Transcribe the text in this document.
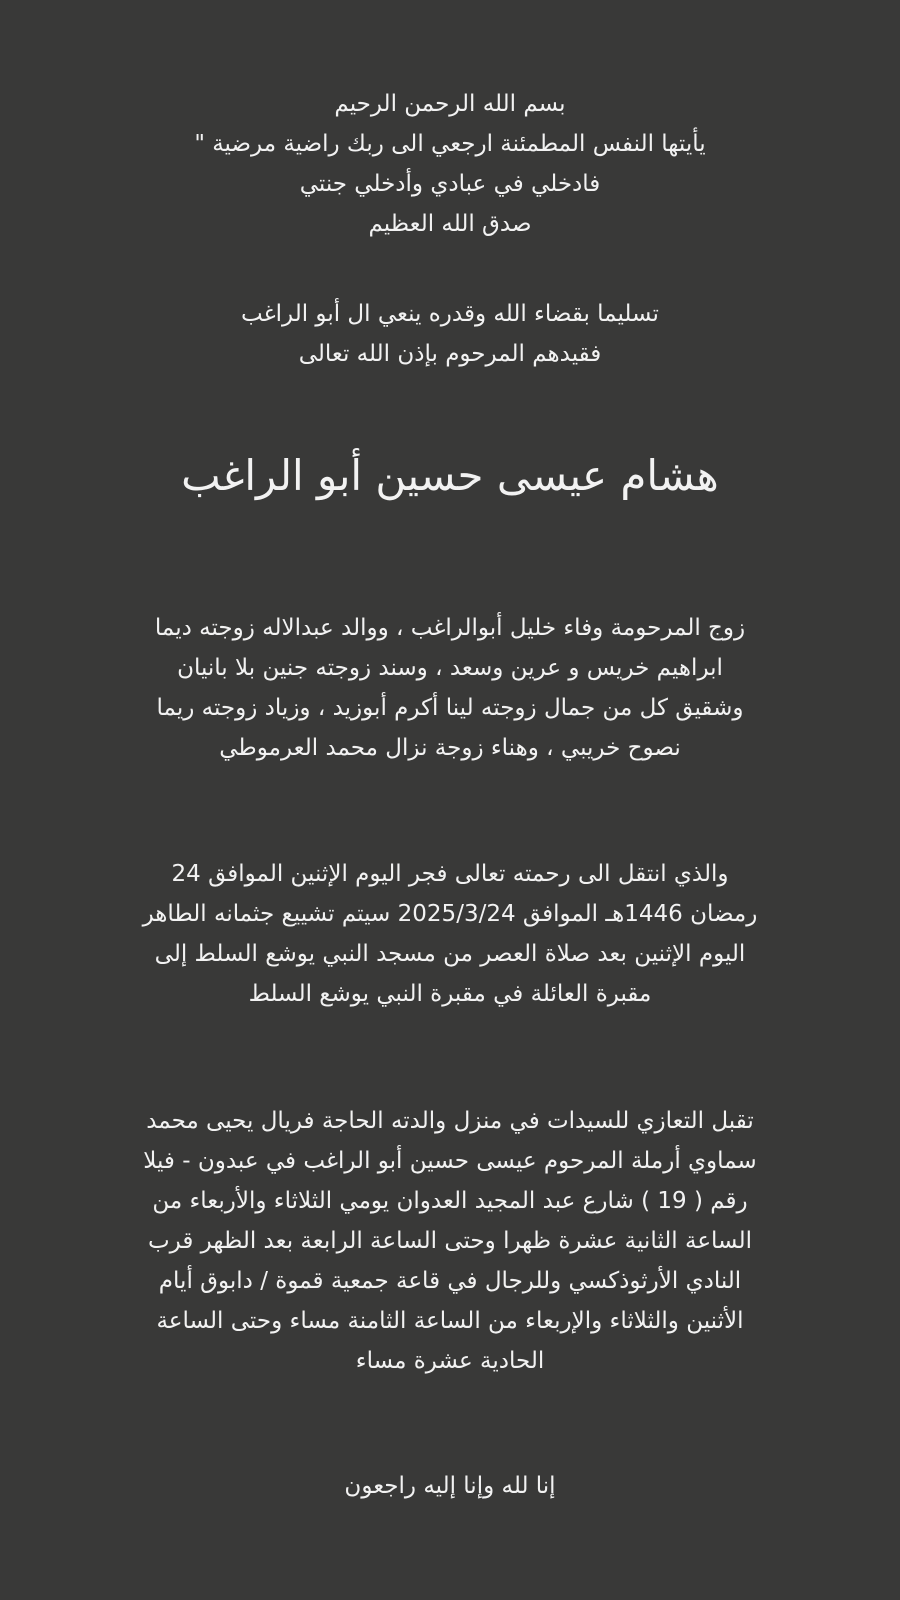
بسم الله الرحمن الرحيم
يأيتها النفس المطمئنة ارجعي الى ربك راضية مرضية "
فادخلي في عبادي وأدخلي جنتي
صدق الله العظيم
تسليما بقضاء الله وقدره ينعي ال أبو الراغب
فقيدهم المرحوم بإذن الله تعالى
هشام عيسى حسين أبو الراغب
زوج المرحومة وفاء خليل أبوالراغب ، ووالد عبدالاله زوجته ديما
ابراهيم خريس و عرين وسعد ، وسند زوجته جنين بلا بانيان
وشقيق كل من جمال زوجته لينا أكرم أبوزيد ، وزياد زوجته ريما
نصوح خريبي ، وهناء زوجة نزال محمد العرموطي
والذي انتقل الى رحمته تعالى فجر اليوم الإثنين الموافق 24
رمضان 1446هـ الموافق 2025/3/24 سيتم تشييع جثمانه الطاهر
اليوم الإثنين بعد صلاة العصر من مسجد النبي يوشع السلط إلى
مقبرة العائلة في مقبرة النبي يوشع السلط
تقبل التعازي للسيدات في منزل والدته الحاجة فريال يحيى محمد
سماوي أرملة المرحوم عيسى حسين أبو الراغب في عبدون - فيلا
رقم ( 19 ) شارع عبد المجيد العدوان يومي الثلاثاء والأربعاء من
الساعة الثانية عشرة ظهرا وحتى الساعة الرابعة بعد الظهر قرب
النادي الأرثوذكسي وللرجال في قاعة جمعية قموة / دابوق أيام
الأثنين والثلاثاء والإربعاء من الساعة الثامنة مساء وحتى الساعة
الحادية عشرة مساء
إنا لله وإنا إليه راجعون
